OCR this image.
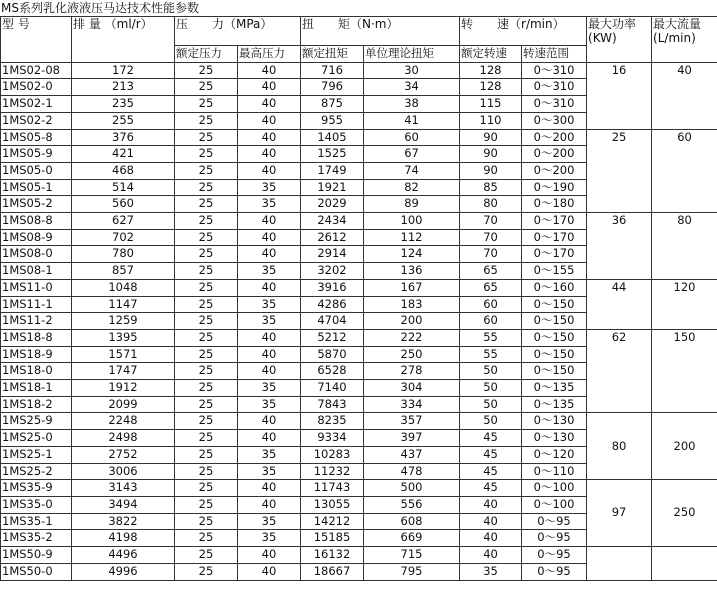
MS系列乳化液液压马达技术性能参数
型 号	排 量 （ml/r）	压　　力（MPa）		扭　　矩（N·m）		转　　速（r/min）		最大功率(KW)	最大流量(L/min)
		额定压力	最高压力	额定扭矩	单位理论扭矩	额定转速	转速范围		
1MS02-08	172	25	40	716	30	128	0～310	16	40
1MS02-0	213	25	40	796	34	128	0～310		
1MS02-1	235	25	40	875	38	115	0～310		
1MS02-2	255	25	40	955	41	110	0～300		
1MS05-8	376	25	40	1405	60	90	0～200	25	60
1MS05-9	421	25	40	1525	67	90	0～200		
1MS05-0	468	25	40	1749	74	90	0～200		
1MS05-1	514	25	35	1921	82	85	0～190		
1MS05-2	560	25	35	2029	89	80	0～180		
1MS08-8	627	25	40	2434	100	70	0～170	36	80
1MS08-9	702	25	40	2612	112	70	0～170		
1MS08-0	780	25	40	2914	124	70	0～170		
1MS08-1	857	25	35	3202	136	65	0～155		
1MS11-0	1048	25	40	3916	167	65	0～160	44	120
1MS11-1	1147	25	35	4286	183	60	0～150		
1MS11-2	1259	25	35	4704	200	60	0～150		
1MS18-8	1395	25	40	5212	222	55	0～150	62	150
1MS18-9	1571	25	40	5870	250	55	0～150		
1MS18-0	1747	25	40	6528	278	50	0～150		
1MS18-1	1912	25	35	7140	304	50	0～135		
1MS18-2	2099	25	35	7843	334	50	0～135		
1MS25-9	2248	25	40	8235	357	50	0～130	80	200
1MS25-0	2498	25	40	9334	397	45	0～130		
1MS25-1	2752	25	35	10283	437	45	0～120		
1MS25-2	3006	25	35	11232	478	45	0～110		
1MS35-9	3143	25	40	11743	500	45	0～100	97	250
1MS35-0	3494	25	40	13055	556	40	0～100		
1MS35-1	3822	25	35	14212	608	40	0～95		
1MS35-2	4198	25	35	15185	669	40	0～95		
1MS50-9	4496	25	40	16132	715	40	0～95		
1MS50-0	4996	25	40	18667	795	35	0～95		
